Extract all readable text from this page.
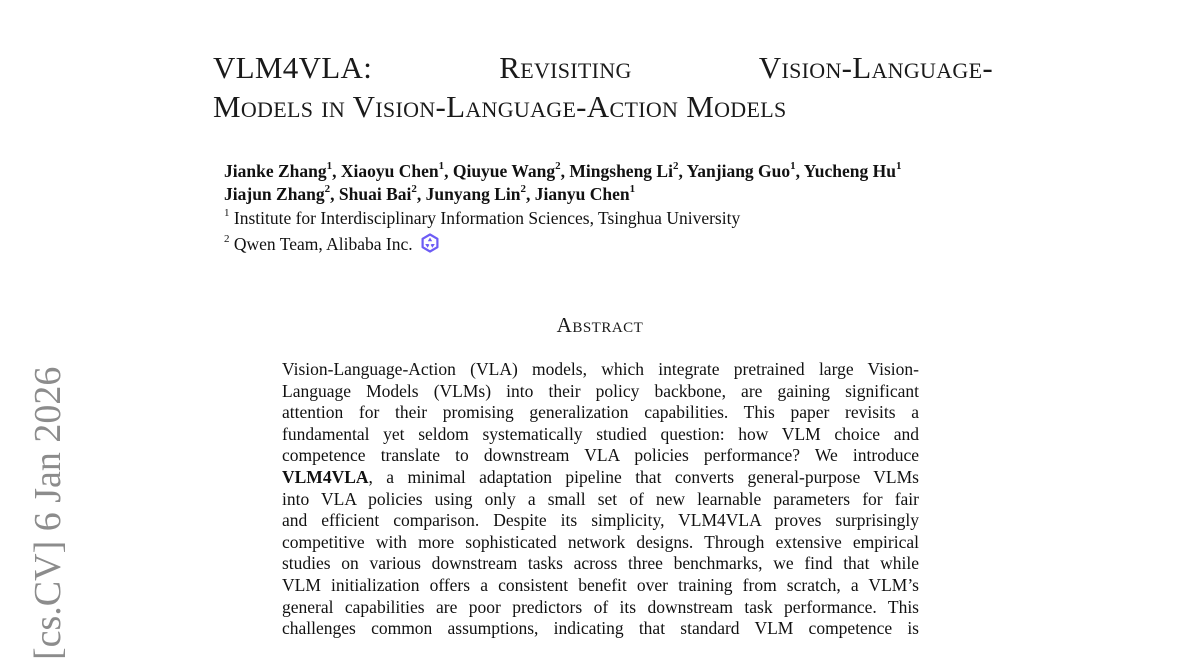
[cs.CV] 6 Jan 2026
VLM4VLA:	Revisiting	Vision-Language-
Models in Vision-Language-Action Models
Jianke Zhang$^1$, Xiaoyu Chen$^1$, Qiuyue Wang$^2$, Mingsheng Li$^2$, Yanjiang Guo$^1$, Yucheng Hu$^1$
Jiajun Zhang$^2$, Shuai Bai$^2$, Junyang Lin$^2$, Jianyu Chen$^1$
$^1$ Institute for Interdisciplinary Information Sciences, Tsinghua University
$^2$ Qwen Team, Alibaba Inc.
Abstract
Vision-Language-Action (VLA) models, which integrate pretrained large Vision-
Language Models (VLMs) into their policy backbone, are gaining significant
attention for their promising generalization capabilities. This paper revisits a
fundamental yet seldom systematically studied question: how VLM choice and
competence translate to downstream VLA policies performance? We introduce
VLM4VLA, a minimal adaptation pipeline that converts general-purpose VLMs
into VLA policies using only a small set of new learnable parameters for fair
and efficient comparison. Despite its simplicity, VLM4VLA proves surprisingly
competitive with more sophisticated network designs. Through extensive empirical
studies on various downstream tasks across three benchmarks, we find that while
VLM initialization offers a consistent benefit over training from scratch, a VLM’s
general capabilities are poor predictors of its downstream task performance. This
challenges common assumptions, indicating that standard VLM competence is
